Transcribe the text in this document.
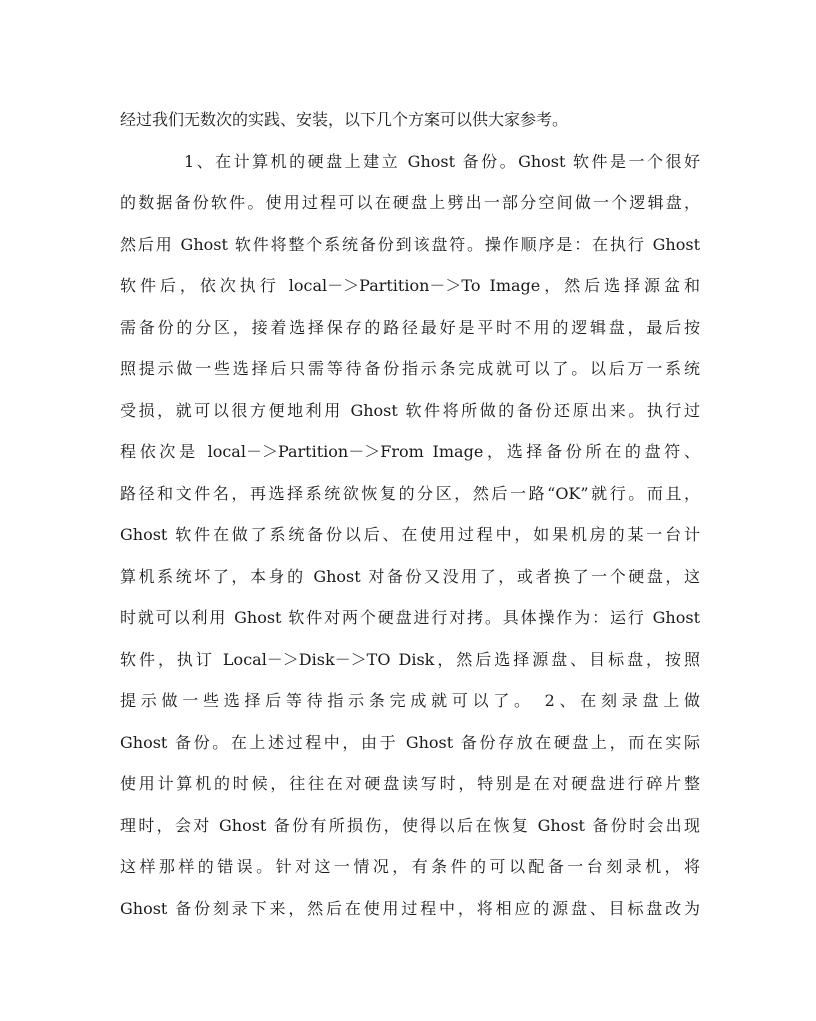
经过我们无数次的实践、安装，以下几个方案可以供大家参考。
1、在计算机的硬盘上建立 Ghost 备份。Ghost 软件是一个很好
的数据备份软件。使用过程可以在硬盘上劈出一部分空间做一个逻辑盘，
然后用 Ghost 软件将整个系统备份到该盘符。操作顺序是：在执行 Ghost
软件后，依次执行 local－＞Partition－＞To Image，然后选择源盆和
需备份的分区，接着选择保存的路径最好是平时不用的逻辑盘，最后按
照提示做一些选择后只需等待备份指示条完成就可以了。以后万一系统
受损，就可以很方便地利用 Ghost 软件将所做的备份还原出来。执行过
程依次是 local－＞Partition－＞From Image，选择备份所在的盘符、
路径和文件名，再选择系统欲恢复的分区，然后一路“OK”就行。而且，
Ghost 软件在做了系统备份以后、在使用过程中，如果机房的某一台计
算机系统坏了，本身的 Ghost 对备份又没用了，或者换了一个硬盘，这
时就可以利用 Ghost 软件对两个硬盘进行对拷。具体操作为：运行 Ghost
软件，执订 Local－＞Disk－＞TO Disk，然后选择源盘、目标盘，按照
提示做一些选择后等待指示条完成就可以了。 2、在刻录盘上做
Ghost 备份。在上述过程中，由于 Ghost 备份存放在硬盘上，而在实际
使用计算机的时候，往往在对硬盘读写时，特别是在对硬盘进行碎片整
理时，会对 Ghost 备份有所损伤，使得以后在恢复 Ghost 备份时会出现
这样那样的错误。针对这一情况，有条件的可以配备一台刻录机，将
Ghost 备份刻录下来，然后在使用过程中，将相应的源盘、目标盘改为
